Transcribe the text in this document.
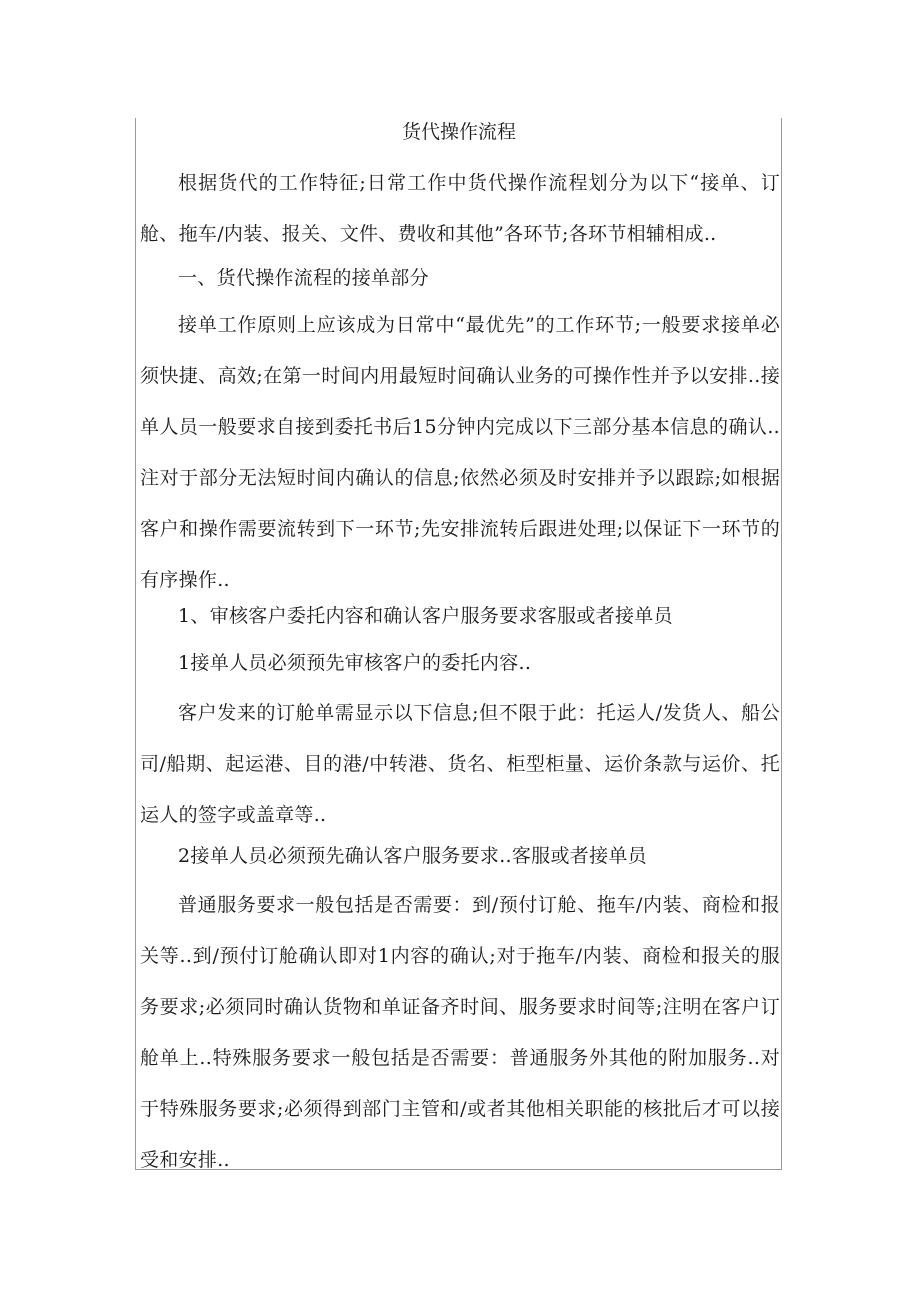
货代操作流程

根据货代的工作特征;日常工作中货代操作流程划分为以下“接单、订舱、拖车/内装、报关、文件、费收和其他”各环节;各环节相辅相成..

一、货代操作流程的接单部分

接单工作原则上应该成为日常中“最优先”的工作环节;一般要求接单必须快捷、高效;在第一时间内用最短时间确认业务的可操作性并予以安排..接单人员一般要求自接到委托书后15分钟内完成以下三部分基本信息的确认..注对于部分无法短时间内确认的信息;依然必须及时安排并予以跟踪;如根据客户和操作需要流转到下一环节;先安排流转后跟进处理;以保证下一环节的有序操作..

1、审核客户委托内容和确认客户服务要求客服或者接单员

1接单人员必须预先审核客户的委托内容..

客户发来的订舱单需显示以下信息;但不限于此：托运人/发货人、船公司/船期、起运港、目的港/中转港、货名、柜型柜量、运价条款与运价、托运人的签字或盖章等..

2接单人员必须预先确认客户服务要求..客服或者接单员

普通服务要求一般包括是否需要：到/预付订舱、拖车/内装、商检和报关等..到/预付订舱确认即对1内容的确认;对于拖车/内装、商检和报关的服务要求;必须同时确认货物和单证备齐时间、服务要求时间等;注明在客户订舱单上..特殊服务要求一般包括是否需要：普通服务外其他的附加服务..对于特殊服务要求;必须得到部门主管和/或者其他相关职能的核批后才可以接受和安排..
